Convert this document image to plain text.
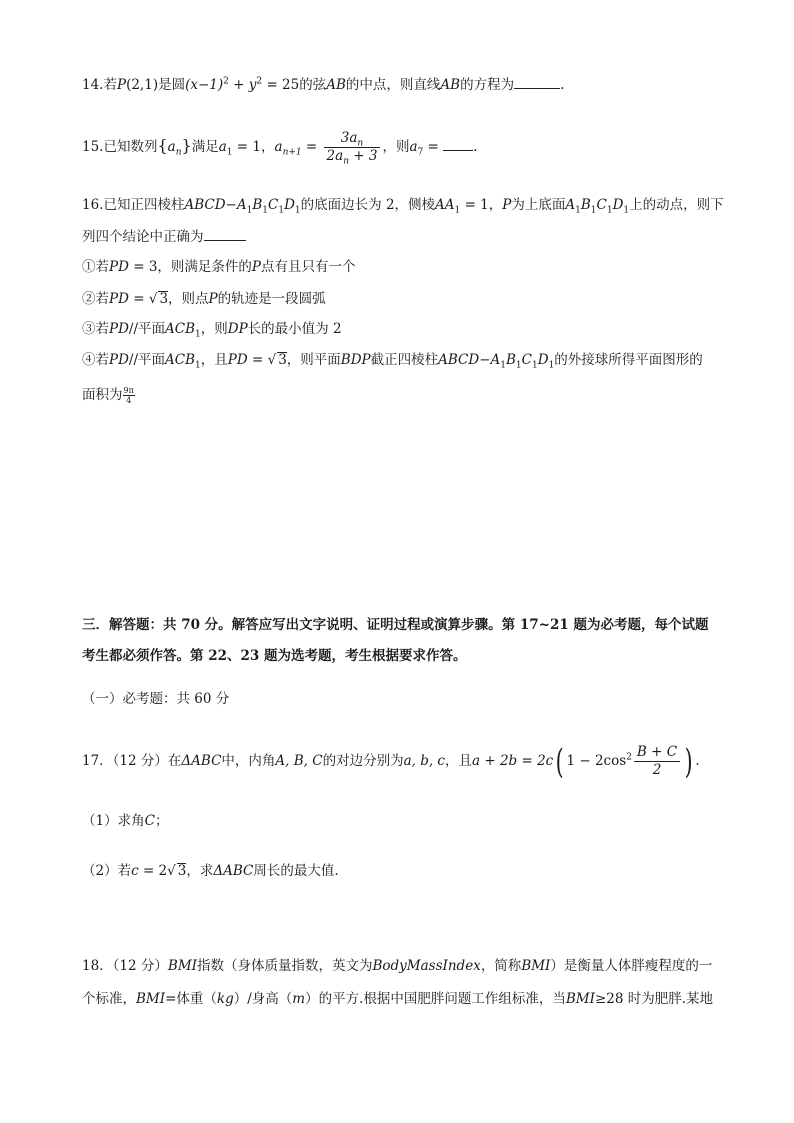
14.若P(2,1)是圆$(x-1)^2 + y^2 = 25$的弦AB的中点，则直线AB的方程为	.
15.已知数列$\{a_n\}$满足$a_1 = 1$，$a_{n+1} = \frac{3a_n}{2a_n + 3}$ ，则$a_7$ = .
16.已知正四棱柱$ABCD-A_1B_1C_1D_1$的底面边长为 2，侧棱$AA_1 = 1$，P为上底面$A_1B_1C_1D_1$上的动点，则下
列四个结论中正确为
①若PD = 3，则满足条件的P点有且只有一个
②若PD = √ 3，则点P的轨迹是一段圆弧
③若PD//平面$ACB_1$，则DP长的最小值为 2
④若PD//平面$ACB_1$，且PD = √ 3，则平面BDP截正四棱柱$ABCD-A_1B_1C_1D_1$的外接球所得平面图形的
面积为 $\frac{9\pi}{4}$
三．解答题：共 70 分。解答应写出文字说明、证明过程或演算步骤。第 17~21 题为必考题，每个试题
考生都必须作答。第 22、23 题为选考题，考生根据要求作答。
（一）必考题：共 60 分
17．（12 分）在ΔABC中，内角A, B, C的对边分别为a, b, c，且a + 2b = 2c( $1 - 2\cos^2 \frac{B + C}{2}$ ) .
（1）求角C；
（2）若c = 2√ 3，求ΔABC周长的最大值.
18．（12 分）BMI指数（身体质量指数，英文为BodyMassIndex，简称BMI）是衡量人体胖瘦程度的一
个标准，BMI=体重（kg）/身高（m）的平方.根据中国肥胖问题工作组标准，当BMI≥28 时为肥胖.某地
